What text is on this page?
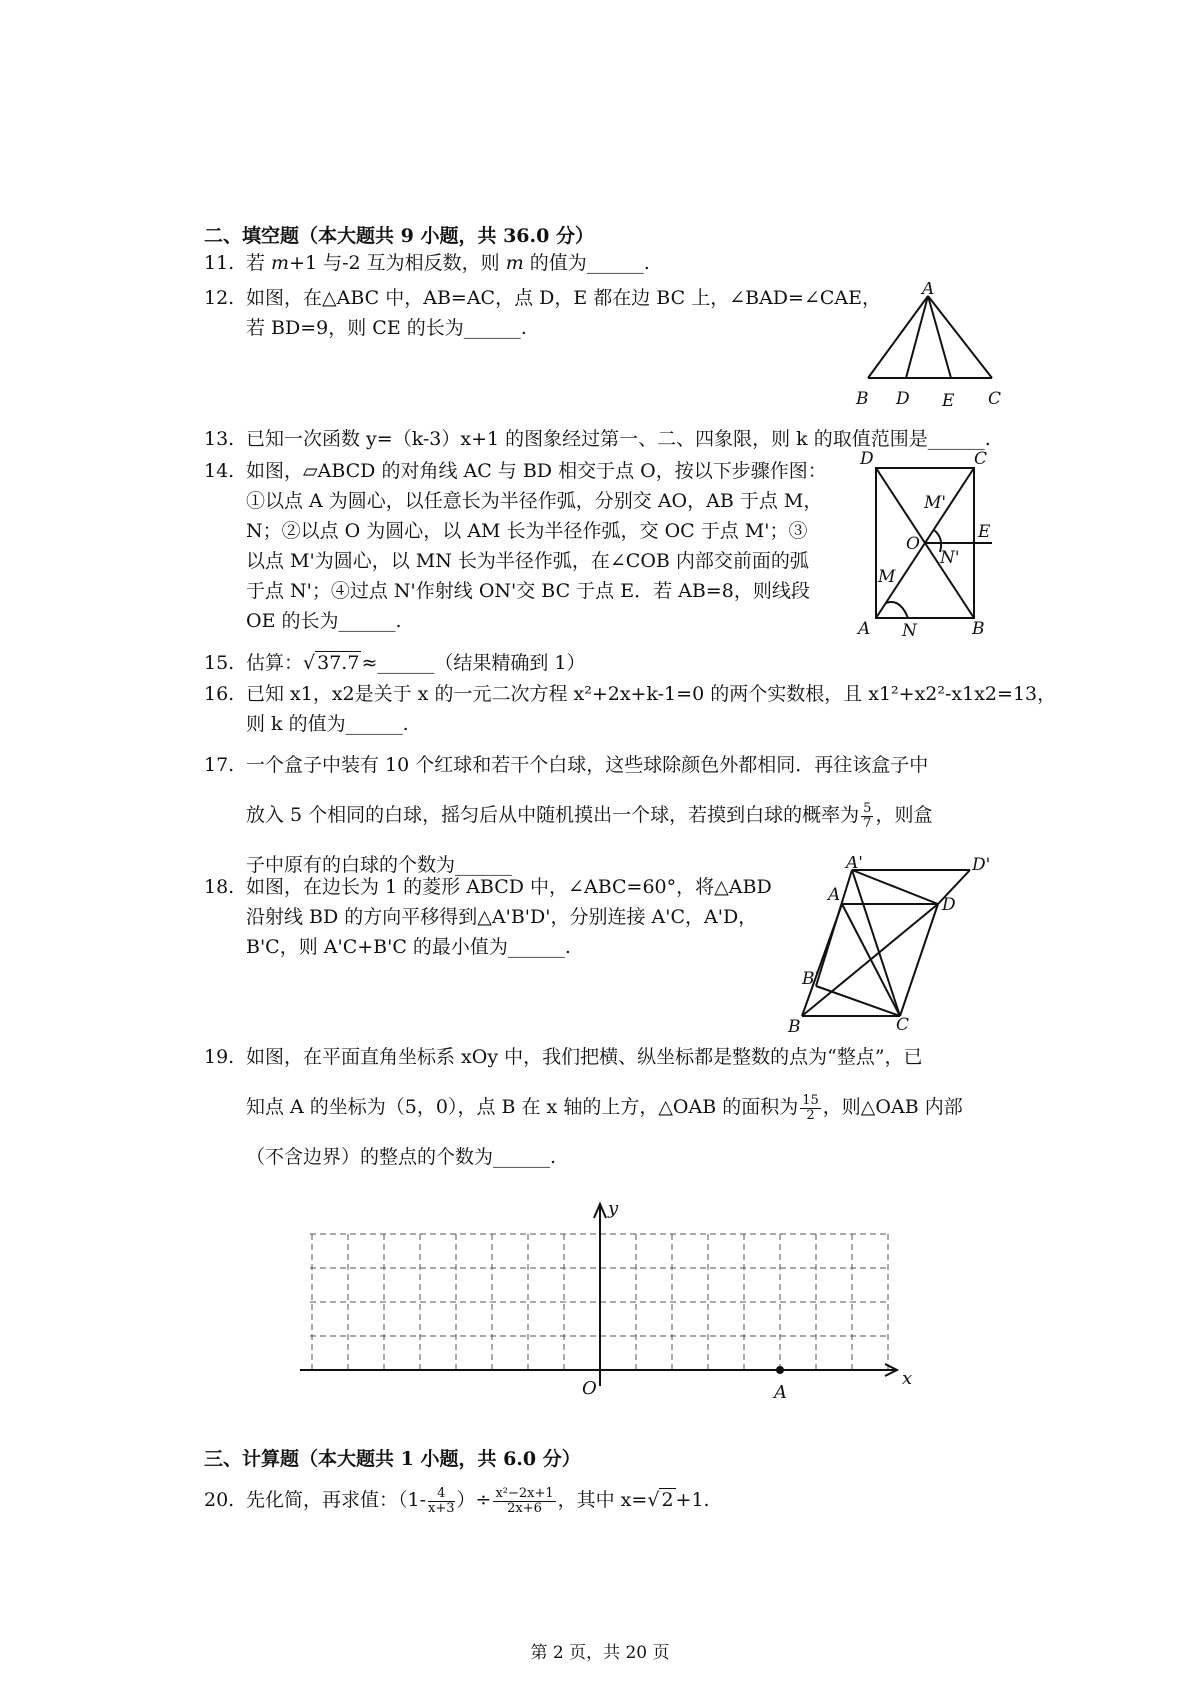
二、填空题（本大题共 9 小题，共 36.0 分）
11. 若 m+1 与-2 互为相反数，则 m 的值为______.
12. 如图，在△ABC 中，AB=AC，点 D，E 都在边 BC 上，∠BAD=∠CAE，
若 BD=9，则 CE 的长为______.
A
B D E C
13. 已知一次函数 y=（k-3）x+1 的图象经过第一、二、四象限，则 k 的取值范围是______.
14. 如图，▱ABCD 的对角线 AC 与 BD 相交于点 O，按以下步骤作图：
①以点 A 为圆心，以任意长为半径作弧，分别交 AO，AB 于点 M，
N；②以点 O 为圆心，以 AM 长为半径作弧，交 OC 于点 M'；③
以点 M'为圆心，以 MN 长为半径作弧，在∠COB 内部交前面的弧
于点 N'；④过点 N'作射线 ON'交 BC 于点 E．若 AB=8，则线段
OE 的长为______.
D	C
M'
O
E
N'
M
A N	B
15. 估算：√ 37.7 ≈______（结果精确到 1）
16. 已知 x1，x2是关于 x 的一元二次方程 x²+2x+k-1=0 的两个实数根，且 x1²+x2²-x1x2=13，
则 k 的值为______.
17. 一个盒子中装有 10 个红球和若干个白球，这些球除颜色外都相同．再往该盒子中
放入 5 个相同的白球，摇匀后从中随机摸出一个球，若摸到白球的概率为 $\frac{5}{7}$ ，则盒
子中原有的白球的个数为______
18. 如图，在边长为 1 的菱形 ABCD 中，∠ABC=60°，将△ABD
沿射线 BD 的方向平移得到△A'B'D'，分别连接 A'C，A'D，
B'C，则 A'C+B'C 的最小值为______.
A'	D'
A	D
B'
B	C
19. 如图，在平面直角坐标系 xOy 中，我们把横、纵坐标都是整数的点为“整点”，已
知点 A 的坐标为（5，0），点 B 在 x 轴的上方，△OAB 的面积为 $\frac{15}{2}$ ，则△OAB 内部
（不含边界）的整点的个数为______.
y
x
O	A
三、计算题（本大题共 1 小题，共 6.0 分）
20. 先化简，再求值：（$1- \frac{4}{x+3}$ ）÷ $\frac{\text{x²−2x+1}}{2x+6}$ ，其中 x=√ 2 +1.
第 2 页，共 20 页
